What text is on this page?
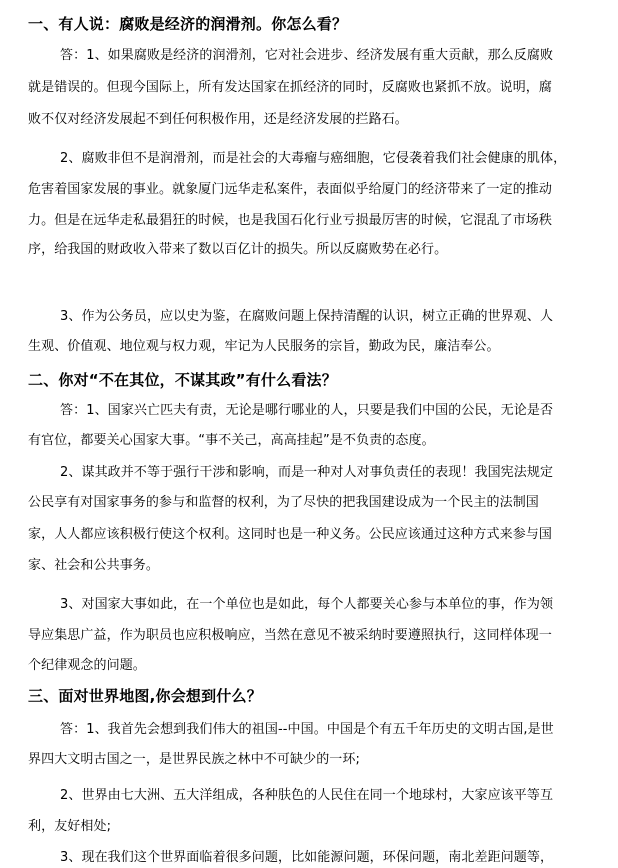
一、有人说：腐败是经济的润滑剂。你怎么看？
答：1、如果腐败是经济的润滑剂，它对社会进步、经济发展有重大贡献，那么反腐败
就是错误的。但现今国际上，所有发达国家在抓经济的同时，反腐败也紧抓不放。说明，腐
败不仅对经济发展起不到任何积极作用，还是经济发展的拦路石。
2、腐败非但不是润滑剂，而是社会的大毒瘤与癌细胞，它侵袭着我们社会健康的肌体，
危害着国家发展的事业。就象厦门远华走私案件，表面似乎给厦门的经济带来了一定的推动
力。但是在远华走私最猖狂的时候，也是我国石化行业亏损最厉害的时候，它混乱了市场秩
序，给我国的财政收入带来了数以百亿计的损失。所以反腐败势在必行。
3、作为公务员，应以史为鉴，在腐败问题上保持清醒的认识，树立正确的世界观、人
生观、价值观、地位观与权力观，牢记为人民服务的宗旨，勤政为民，廉洁奉公。
二、你对“不在其位，不谋其政”有什么看法？
答：1、国家兴亡匹夫有责，无论是哪行哪业的人，只要是我们中国的公民，无论是否
有官位，都要关心国家大事。“事不关己，高高挂起”是不负责的态度。
2、谋其政并不等于强行干涉和影响，而是一种对人对事负责任的表现！我国宪法规定
公民享有对国家事务的参与和监督的权利，为了尽快的把我国建设成为一个民主的法制国
家，人人都应该积极行使这个权利。这同时也是一种义务。公民应该通过这种方式来参与国
家、社会和公共事务。
3、对国家大事如此，在一个单位也是如此，每个人都要关心参与本单位的事，作为领
导应集思广益，作为职员也应积极响应，当然在意见不被采纳时要遵照执行，这同样体现一
个纪律观念的问题。
三、面对世界地图,你会想到什么？
答：1、我首先会想到我们伟大的祖国--中国。中国是个有五千年历史的文明古国,是世
界四大文明古国之一，是世界民族之林中不可缺少的一环;
2、世界由七大洲、五大洋组成，各种肤色的人民住在同一个地球村，大家应该平等互
利，友好相处;
3、现在我们这个世界面临着很多问题，比如能源问题，环保问题，南北差距问题等，
